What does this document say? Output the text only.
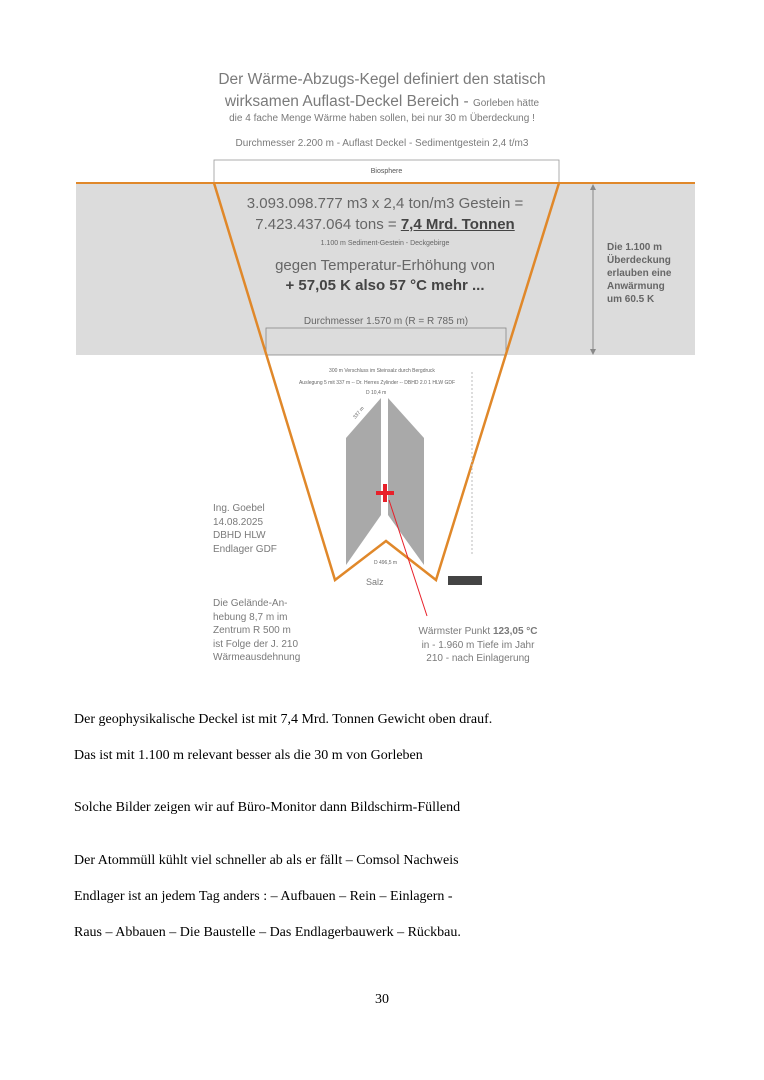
Der Wärme-Abzugs-Kegel definiert den statisch
wirksamen Auflast-Deckel Bereich - Gorleben hätte
die 4 fache Menge Wärme haben sollen, bei nur 30 m Überdeckung !
Durchmesser 2.200 m - Auflast Deckel - Sedimentgestein 2,4 t/m3
Biosphere
3.093.098.777 m3 x 2,4 ton/m3 Gestein =
7.423.437.064 tons = 7,4 Mrd. Tonnen
1.100 m Sediment-Gestein - Deckgebirge
gegen Temperatur-Erhöhung von
+ 57,05 K also 57 °C mehr ...
Durchmesser 1.570 m (R = R 785 m)
Die 1.100 m
Überdeckung
erlauben eine
Anwärmung
um 60.5 K
300 m Verschluss im Steinsalz durch Bergdruck
Auslegung 5 mit 337 m -- Dr. Herres Zylinder -- DBHD 2.0 1 HLW GDF
D 10,4 m
337 m
D 496,5 m
Ing. Goebel
14.08.2025
DBHD HLW
Endlager GDF
Die Gelände-An-
hebung 8,7 m im
Zentrum R 500 m
ist Folge der J. 210
Wärmeausdehnung
Wärmster Punkt 123,05 °C
in - 1.960 m Tiefe im Jahr
210 - nach Einlagerung
Salz
Der geophysikalische Deckel ist mit 7,4 Mrd. Tonnen Gewicht oben drauf.
Das ist mit 1.100 m relevant besser als die 30 m von Gorleben
Solche Bilder zeigen wir auf Büro-Monitor dann Bildschirm-Füllend
Der Atommüll kühlt viel schneller ab als er fällt – Comsol Nachweis
Endlager ist an jedem Tag anders : – Aufbauen – Rein – Einlagern -
Raus – Abbauen – Die Baustelle – Das Endlagerbauwerk – Rückbau.
30
